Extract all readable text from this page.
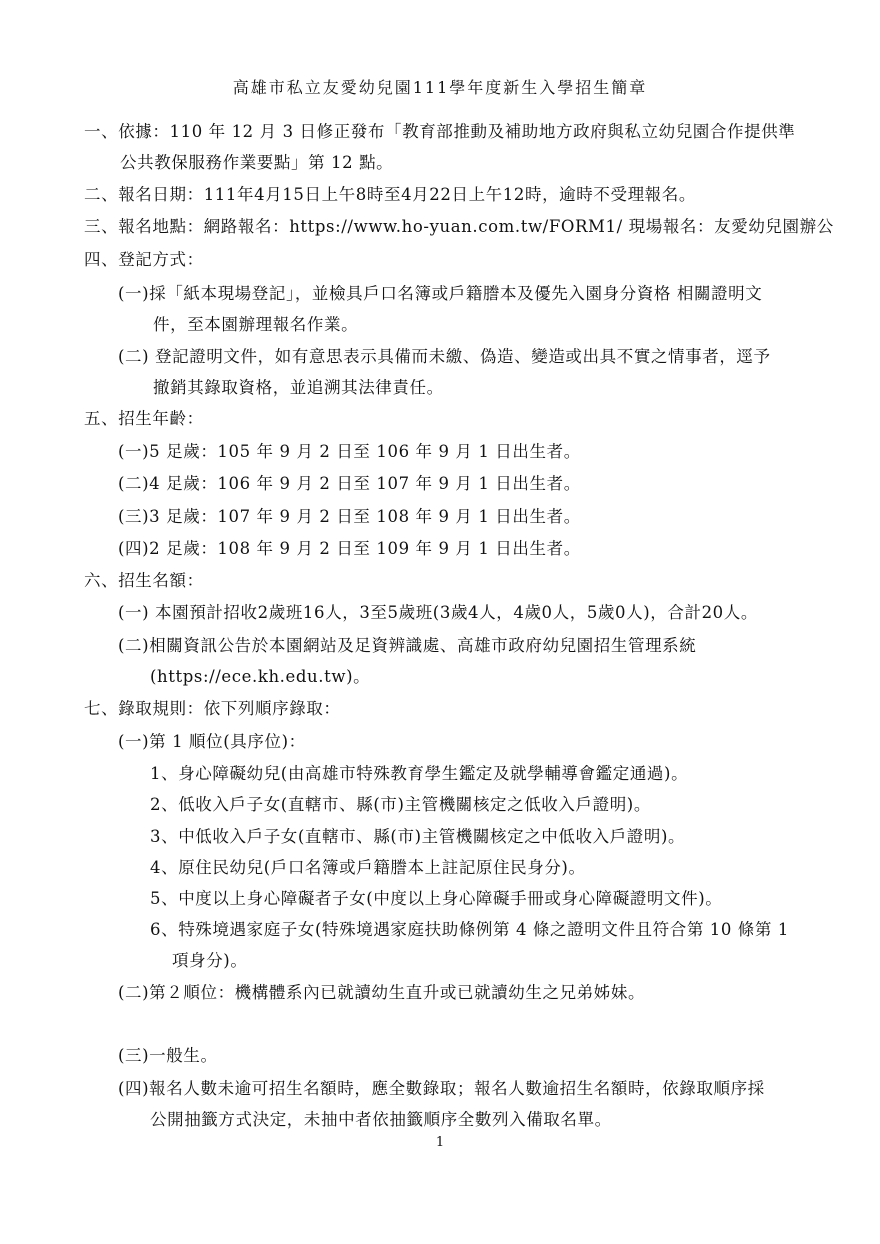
高雄市私立友愛幼兒園111學年度新生入學招生簡章
一、依據：110 年 12 月 3 日修正發布「教育部推動及補助地方政府與私立幼兒園合作提供準
公共教保服務作業要點」第 12 點。
二、報名日期：111年4月15日上午8時至4月22日上午12時，逾時不受理報名。
三、報名地點：網路報名：https://www.ho-yuan.com.tw/FORM1/ 現場報名：友愛幼兒園辦公
四、登記方式：
(一)採「紙本現場登記」，並檢具戶口名簿或戶籍謄本及優先入園身分資格 相關證明文
件，至本園辦理報名作業。
(二) 登記證明文件，如有意思表示具備而未繳、偽造、變造或出具不實之情事者，逕予
撤銷其錄取資格，並追溯其法律責任。
五、招生年齡：
(一)5 足歲：105 年 9 月 2 日至 106 年 9 月 1 日出生者。
(二)4 足歲：106 年 9 月 2 日至 107 年 9 月 1 日出生者。
(三)3 足歲：107 年 9 月 2 日至 108 年 9 月 1 日出生者。
(四)2 足歲：108 年 9 月 2 日至 109 年 9 月 1 日出生者。
六、招生名額：
(一) 本園預計招收2歲班16人，3至5歲班(3歲4人，4歲0人，5歲0人)，合計20人。
(二)相關資訊公告於本園網站及足資辨識處、高雄市政府幼兒園招生管理系統
(https://ece.kh.edu.tw)。
七、錄取規則：依下列順序錄取：
(一)第 1 順位(具序位)：
1、身心障礙幼兒(由高雄市特殊教育學生鑑定及就學輔導會鑑定通過)。
2、低收入戶子女(直轄市、縣(市)主管機關核定之低收入戶證明)。
3、中低收入戶子女(直轄市、縣(市)主管機關核定之中低收入戶證明)。
4、原住民幼兒(戶口名簿或戶籍謄本上註記原住民身分)。
5、中度以上身心障礙者子女(中度以上身心障礙手冊或身心障礙證明文件)。
6、特殊境遇家庭子女(特殊境遇家庭扶助條例第 4 條之證明文件且符合第 10 條第 1
項身分)。
(二)第２順位：機構體系內已就讀幼生直升或已就讀幼生之兄弟姊妹。
(三)一般生。
(四)報名人數未逾可招生名額時，應全數錄取；報名人數逾招生名額時，依錄取順序採
公開抽籤方式決定，未抽中者依抽籤順序全數列入備取名單。
1
